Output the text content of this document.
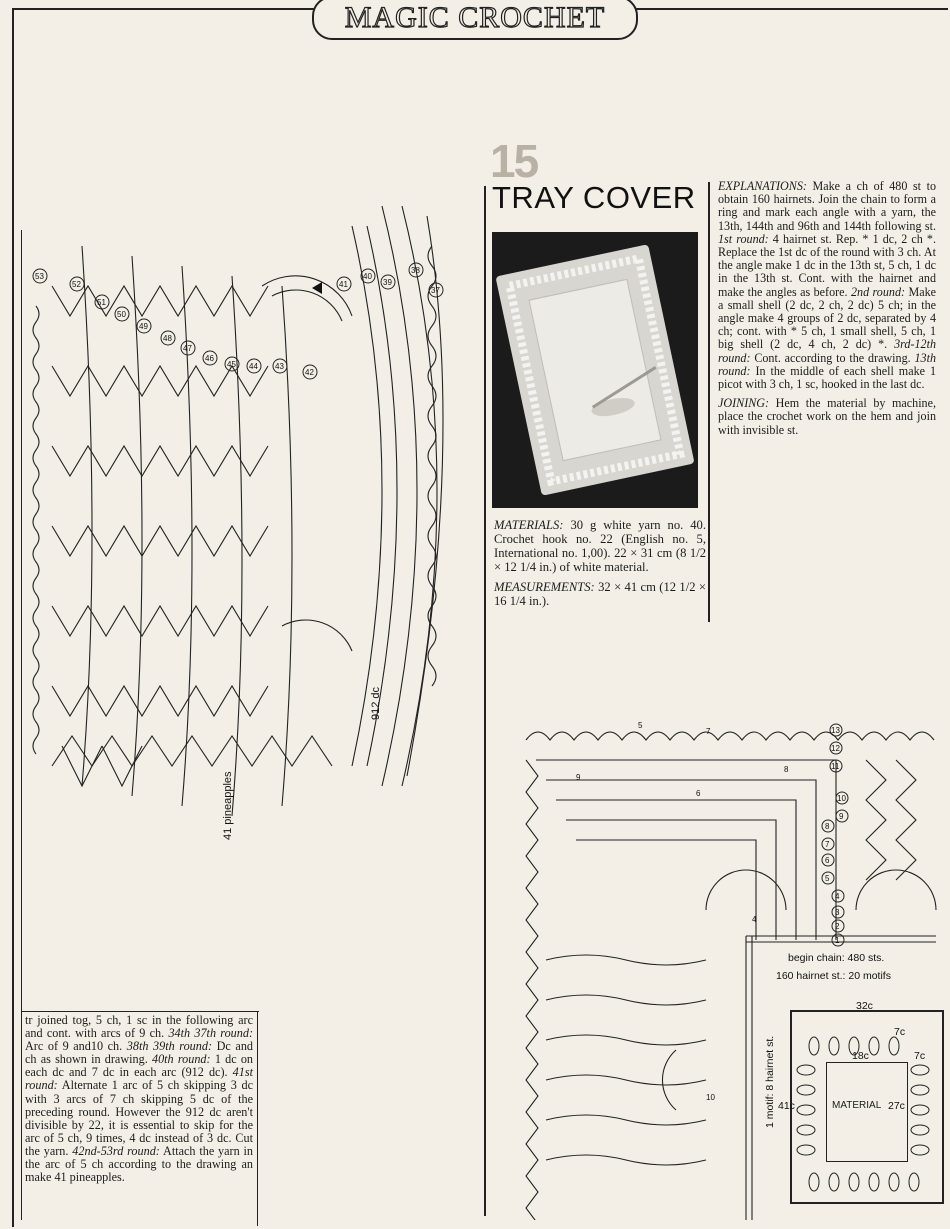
MAGIC CROCHET
53
52
51
50
49
48
47
46
45 44 43
42
41
40
39
38
37
912 dc
41 pineapples
15
TRAY COVER

MATERIALS: 30 g white yarn no. 40. Crochet hook no. 22 (English no. 5, International no. 1,00). 22 × 31 cm (8 1/2 × 12 1/4 in.) of white material.

MEASUREMENTS: 32 × 41 cm (12 1/2 × 16 1/4 in.).

EXPLANATIONS: Make a ch of 480 st to obtain 160 hairnets. Join the chain to form a ring and mark each angle with a yarn, the 13th, 144th and 96th and 144th following st. 1st round: 4 hairnet st. Rep. * 1 dc, 2 ch *. Replace the 1st dc of the round with 3 ch. At the angle make 1 dc in the 13th st, 5 ch, 1 dc in the 13th st. Cont. with the hairnet and make the angles as before. 2nd round: Make a small shell (2 dc, 2 ch, 2 dc) 5 ch; in the angle make 4 groups of 2 dc, separated by 4 ch; cont. with * 5 ch, 1 small shell, 5 ch, 1 big shell (2 dc, 4 ch, 2 dc) *. 3rd-12th round: Cont. according to the drawing. 13th round: In the middle of each shell make 1 picot with 3 ch, 1 sc, hooked in the last dc.

JOINING: Hem the material by machine, place the crochet work on the hem and join with invisible st.

tr joined tog, 5 ch, 1 sc in the following arc and cont. with arcs of 9 ch. 34th 37th round: Arc of 9 and10 ch. 38th 39th round: Dc and ch as shown in drawing. 40th round: 1 dc on each dc and 7 dc in each arc (912 dc). 41st round: Alternate 1 arc of 5 ch skipping 3 dc with 3 arcs of 7 ch skipping 5 dc of the preceding round. However the 912 dc aren't divisible by 22, it is essential to skip for the arc of 5 ch, 9 times, 4 dc instead of 3 dc. Cut the yarn. 42nd-53rd round: Attach the yarn in the arc of 5 ch according to the drawing an make 41 pineapples.
13
12
11
10
9
8
7
6
5
4
3
2
1
5
7
8
9
4
6
10
begin chain: 480 sts.
160 hairnet st.: 20 motifs
1 motif: 8 hairnet st.
32c
41c
18c
7c
7c
MATERIAL 27c
